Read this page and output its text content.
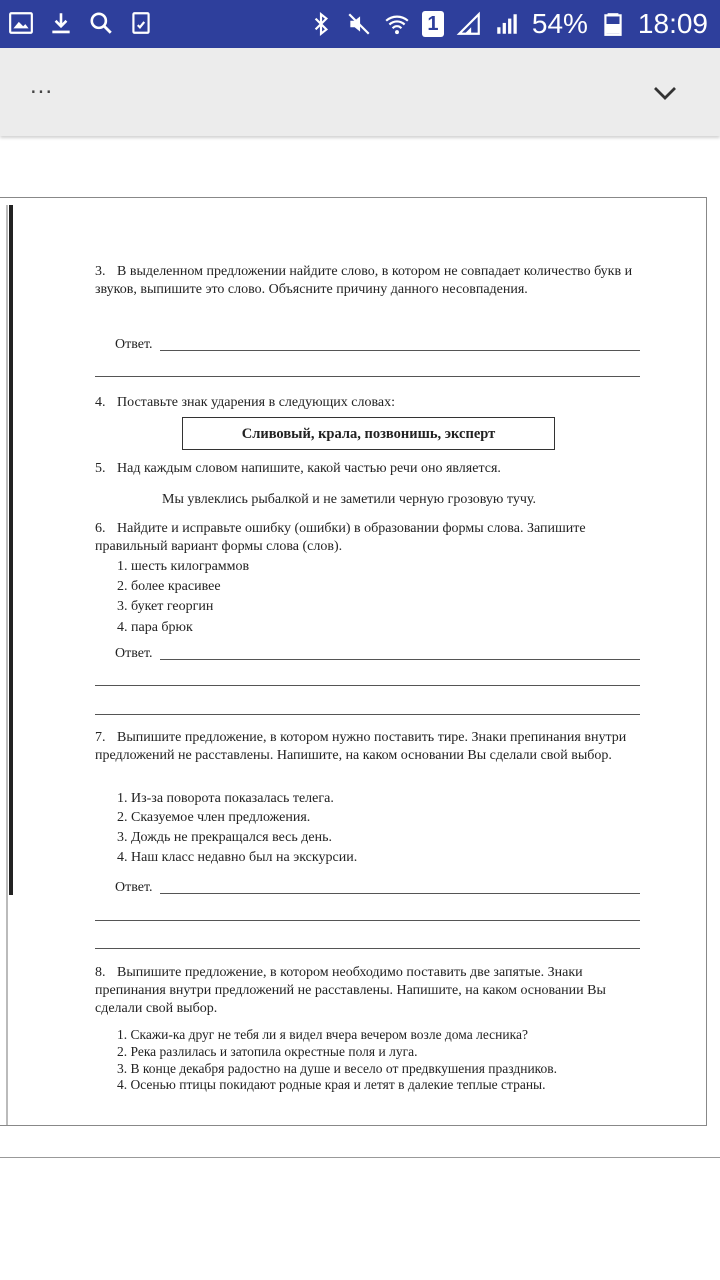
1	54% 18:09
...
3. В выделенном предложении найдите слово, в котором не совпадает количество букв и звуков, выпишите это слово. Объясните причину данного несовпадения.
Ответ.
4. Поставьте знак ударения в следующих словах:
Сливовый, крала, позвонишь, эксперт
5. Над каждым словом напишите, какой частью речи оно является.
Мы увлеклись рыбалкой и не заметили черную грозовую тучу.
6. Найдите и исправьте ошибку (ошибки) в образовании формы слова. Запишите правильный вариант формы слова (слов).
1. шесть килограммов
2. более красивее
3. букет георгин
4. пара брюк
Ответ.
7. Выпишите предложение, в котором нужно поставить тире. Знаки препинания внутри предложений не расставлены. Напишите, на каком основании Вы сделали свой выбор.
1. Из-за поворота показалась телега.
2. Сказуемое член предложения.
3. Дождь не прекращался весь день.
4. Наш класс недавно был на экскурсии.
Ответ.
8. Выпишите предложение, в котором необходимо поставить две запятые. Знаки препинания внутри предложений не расставлены. Напишите, на каком основании Вы сделали свой выбор.
1. Скажи-ка друг не тебя ли я видел вчера вечером возле дома лесника?
2. Река разлилась и затопила окрестные поля и луга.
3. В конце декабря радостно на душе и весело от предвкушения праздников.
4. Осенью птицы покидают родные края и летят в далекие теплые страны.
